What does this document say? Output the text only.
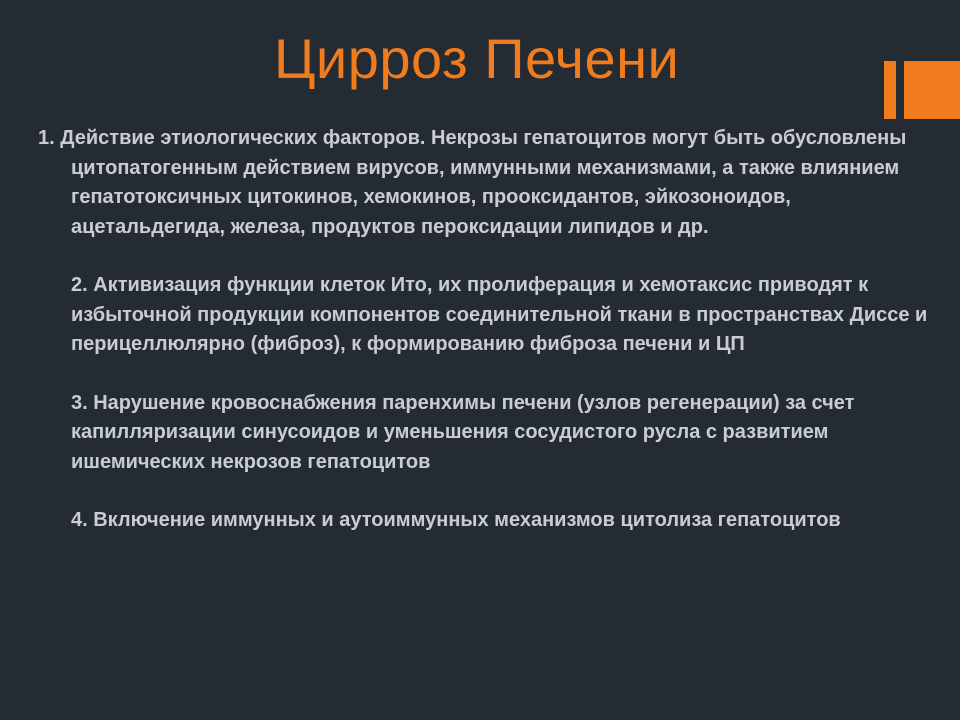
Цирроз Печени

1. Действие этиологических факторов. Некрозы гепатоцитов могут быть обусловлены цитопатогенным действием вирусов, иммунными механизмами, а также влиянием гепатотоксичных цитокинов, хемокинов, прооксидантов, эйкозоноидов, ацетальдегида, железа, продуктов пероксидации липидов и др.

2. Активизация функции клеток Ито, их пролиферация и хемотаксис приводят к избыточной продукции компонентов соединительной ткани в пространствах Диссе и перицеллюлярно (фиброз), к формированию фиброза печени и ЦП

3. Нарушение кровоснабжения паренхимы печени (узлов регенерации) за счет капилляризации синусоидов и уменьшения сосудистого русла с развитием ишемических некрозов гепатоцитов

4. Включение иммунных и аутоиммунных механизмов цитолиза гепатоцитов
